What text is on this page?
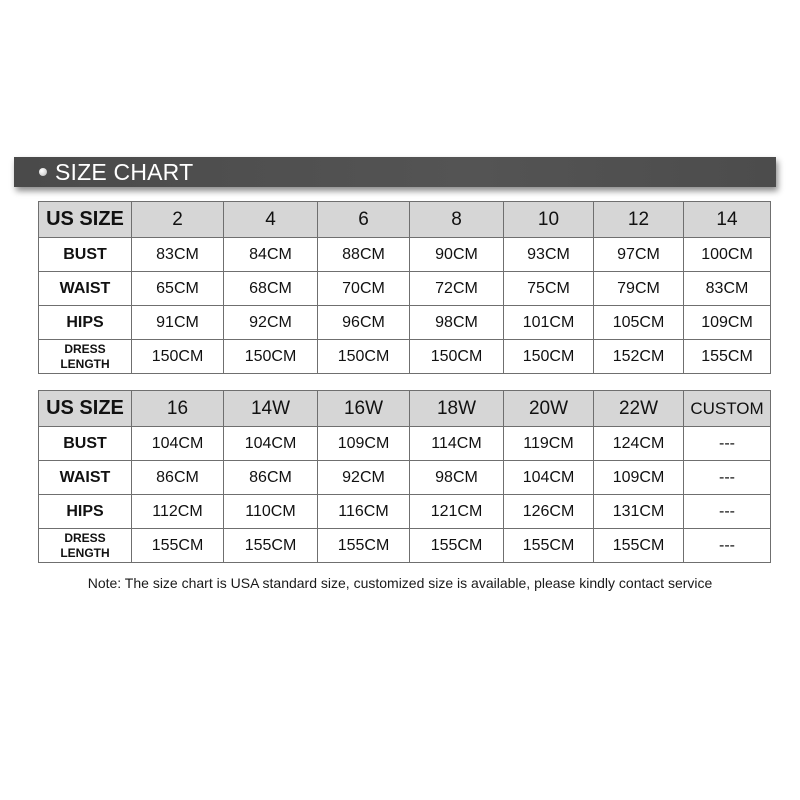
SIZE CHART
US SIZE	2	4	6	8	10	12	14
BUST	83CM	84CM	88CM	90CM	93CM	97CM	100CM
WAIST	65CM	68CM	70CM	72CM	75CM	79CM	83CM
HIPS	91CM	92CM	96CM	98CM	101CM	105CM	109CM
DRESS
LENGTH	150CM	150CM	150CM	150CM	150CM	152CM	155CM
US SIZE	16	14W	16W	18W	20W	22W	CUSTOM
BUST	104CM	104CM	109CM	114CM	119CM	124CM	---
WAIST	86CM	86CM	92CM	98CM	104CM	109CM	---
HIPS	112CM	110CM	116CM	121CM	126CM	131CM	---
DRESS
LENGTH	155CM	155CM	155CM	155CM	155CM	155CM	---
Note: The size chart is USA standard size, customized size is available, please kindly contact service
